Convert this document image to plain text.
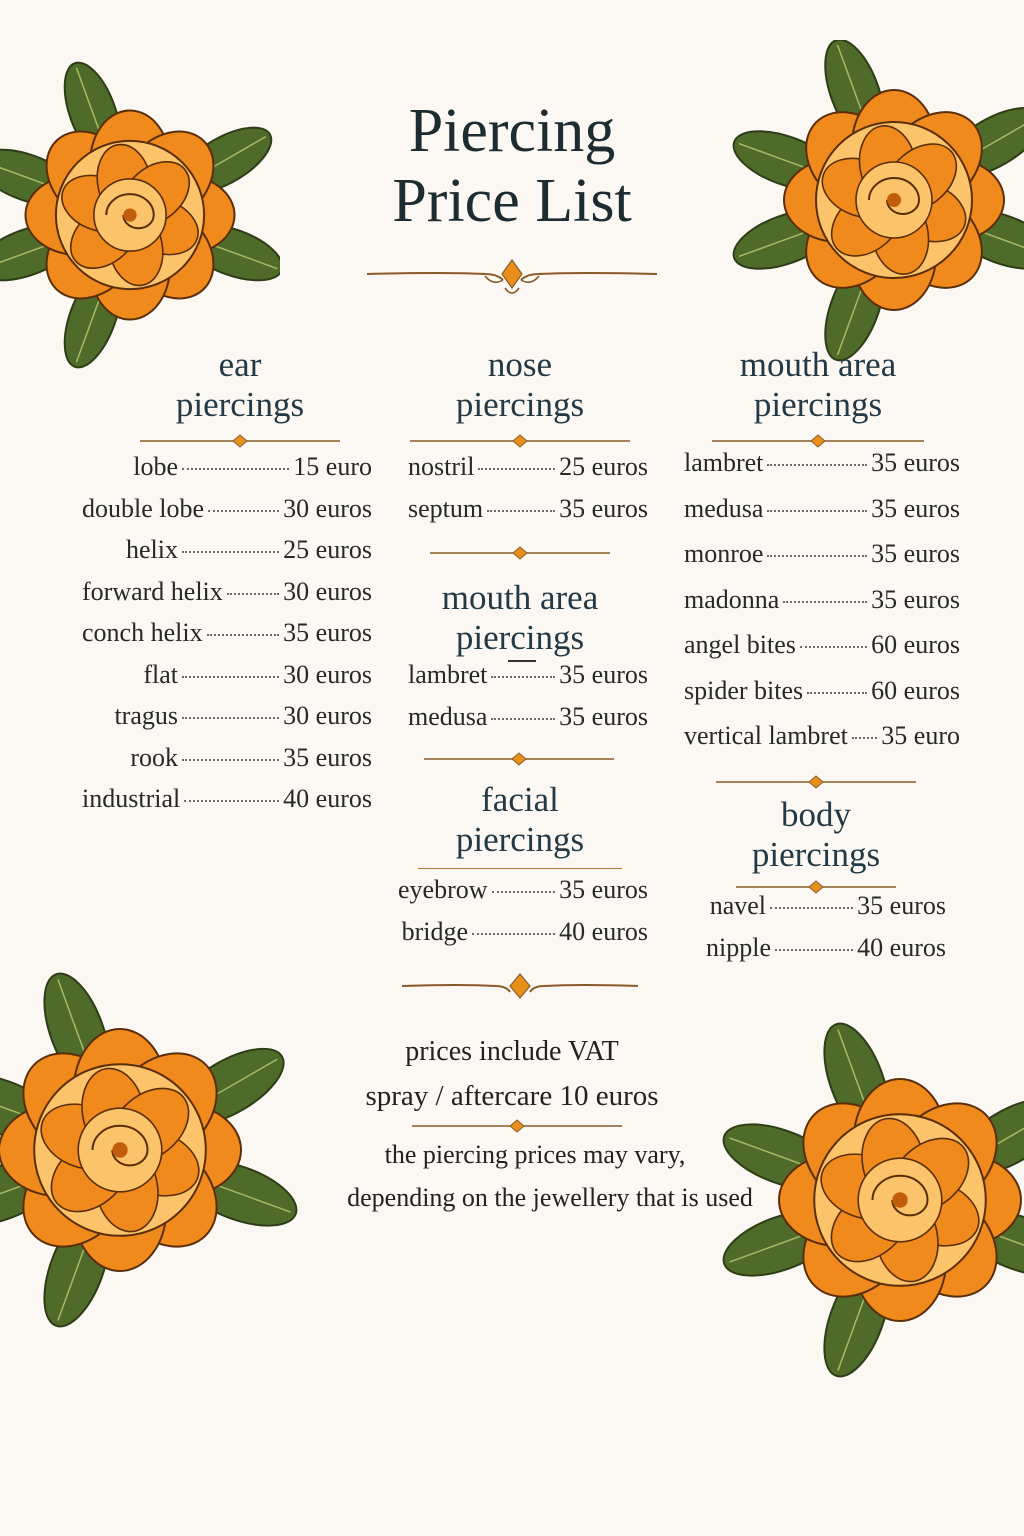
Piercing
Price List
ear
piercings
lobe	15 euro
double lobe	30 euros
helix	25 euros
forward helix 30 euros
conch helix	35 euros
flat	30 euros
tragus	30 euros
rook	35 euros
industrial	40 euros
nose
piercings
nostril	25 euros
septum	35 euros
mouth area
piercings
lambret	35 euros
medusa	35 euros
facial
piercings
eyebrow	35 euros
bridge	40 euros
mouth area
piercings
lambret	35 euros
medusa	35 euros
monroe	35 euros
madonna	35 euros
angel bites	60 euros
spider bites	60 euros
vertical lambret 35 euro
body
piercings
navel	35 euros
nipple	40 euros
prices include VAT
spray / aftercare 10 euros
the piercing prices may vary,
depending on the jewellery that is used
